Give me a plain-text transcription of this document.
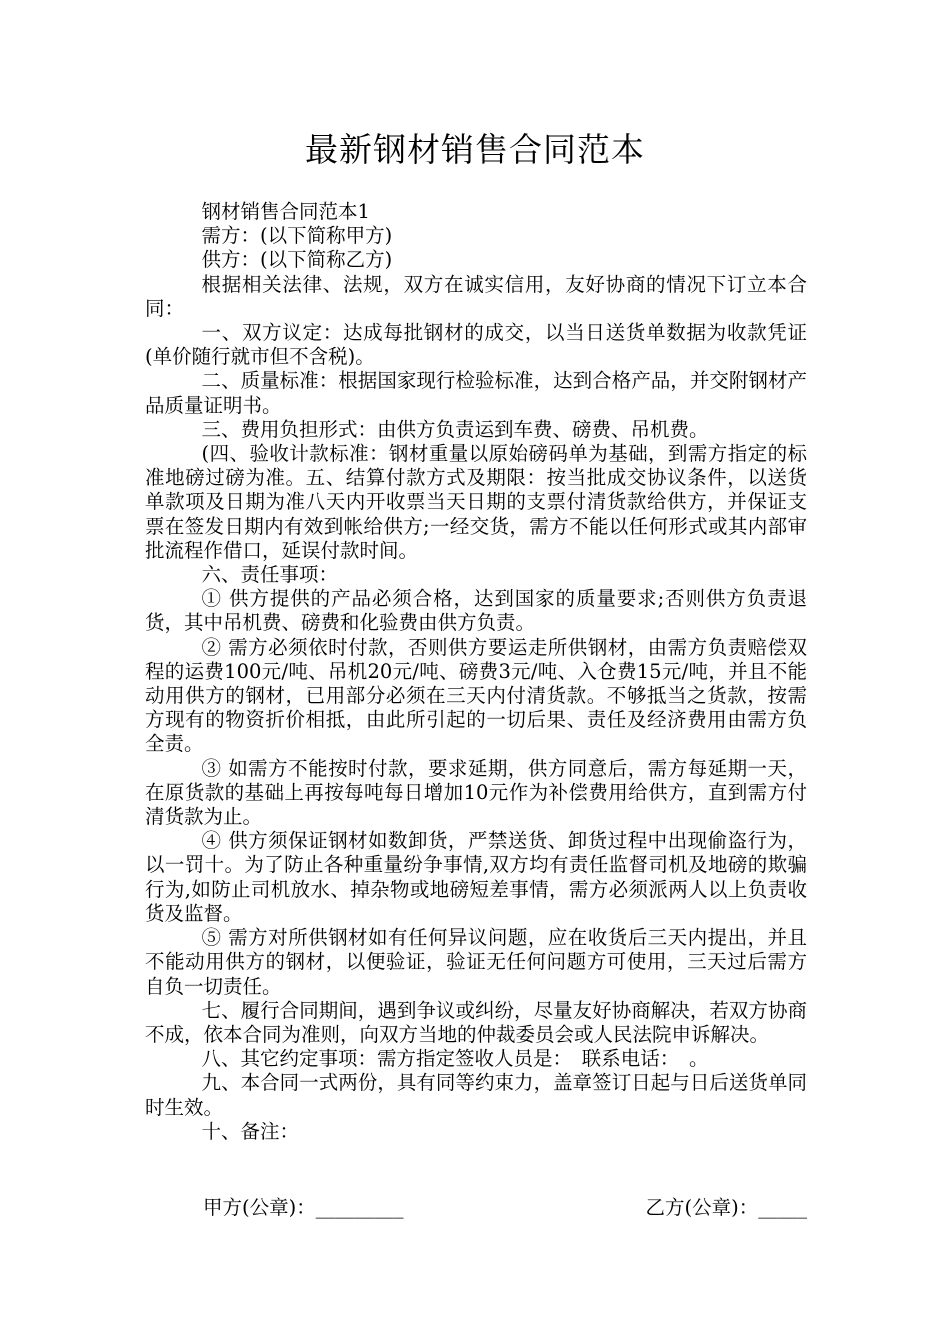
最新钢材销售合同范本

钢材销售合同范本1

需方：(以下简称甲方)

供方：(以下简称乙方)

根据相关法律、法规，双方在诚实信用，友好协商的情况下订立本合同：

一、双方议定：达成每批钢材的成交，以当日送货单数据为收款凭证(单价随行就市但不含税)。

二、质量标准：根据国家现行检验标准，达到合格产品，并交附钢材产品质量证明书。

三、费用负担形式：由供方负责运到车费、磅费、吊机费。

(四、验收计款标准：钢材重量以原始磅码单为基础，到需方指定的标准地磅过磅为准。五、结算付款方式及期限：按当批成交协议条件，以送货单款项及日期为准八天内开收票当天日期的支票付清货款给供方，并保证支票在签发日期内有效到帐给供方;一经交货，需方不能以任何形式或其内部审批流程作借口，延误付款时间。

六、责任事项：

① 供方提供的产品必须合格，达到国家的质量要求;否则供方负责退货，其中吊机费、磅费和化验费由供方负责。

② 需方必须依时付款，否则供方要运走所供钢材，由需方负责赔偿双程的运费100元/吨、吊机20元/吨、磅费3元/吨、入仓费15元/吨，并且不能动用供方的钢材，已用部分必须在三天内付清货款。不够抵当之货款，按需方现有的物资折价相抵，由此所引起的一切后果、责任及经济费用由需方负全责。

③ 如需方不能按时付款，要求延期，供方同意后，需方每延期一天，在原货款的基础上再按每吨每日增加10元作为补偿费用给供方，直到需方付清货款为止。

④ 供方须保证钢材如数卸货，严禁送货、卸货过程中出现偷盗行为，以一罚十。为了防止各种重量纷争事情,双方均有责任监督司机及地磅的欺骗行为,如防止司机放水、掉杂物或地磅短差事情，需方必须派两人以上负责收货及监督。

⑤ 需方对所供钢材如有任何异议问题，应在收货后三天内提出，并且不能动用供方的钢材，以便验证，验证无任何问题方可使用，三天过后需方自负一切责任。

七、履行合同期间，遇到争议或纠纷，尽量友好协商解决，若双方协商不成，依本合同为准则，向双方当地的仲裁委员会或人民法院申诉解决。

八、其它约定事项：需方指定签收人员是：　联系电话：　。

九、本合同一式两份，具有同等约束力，盖章签订日起与日后送货单同时生效。

十、备注：

甲方(公章)：_________	乙方(公章)：_____
